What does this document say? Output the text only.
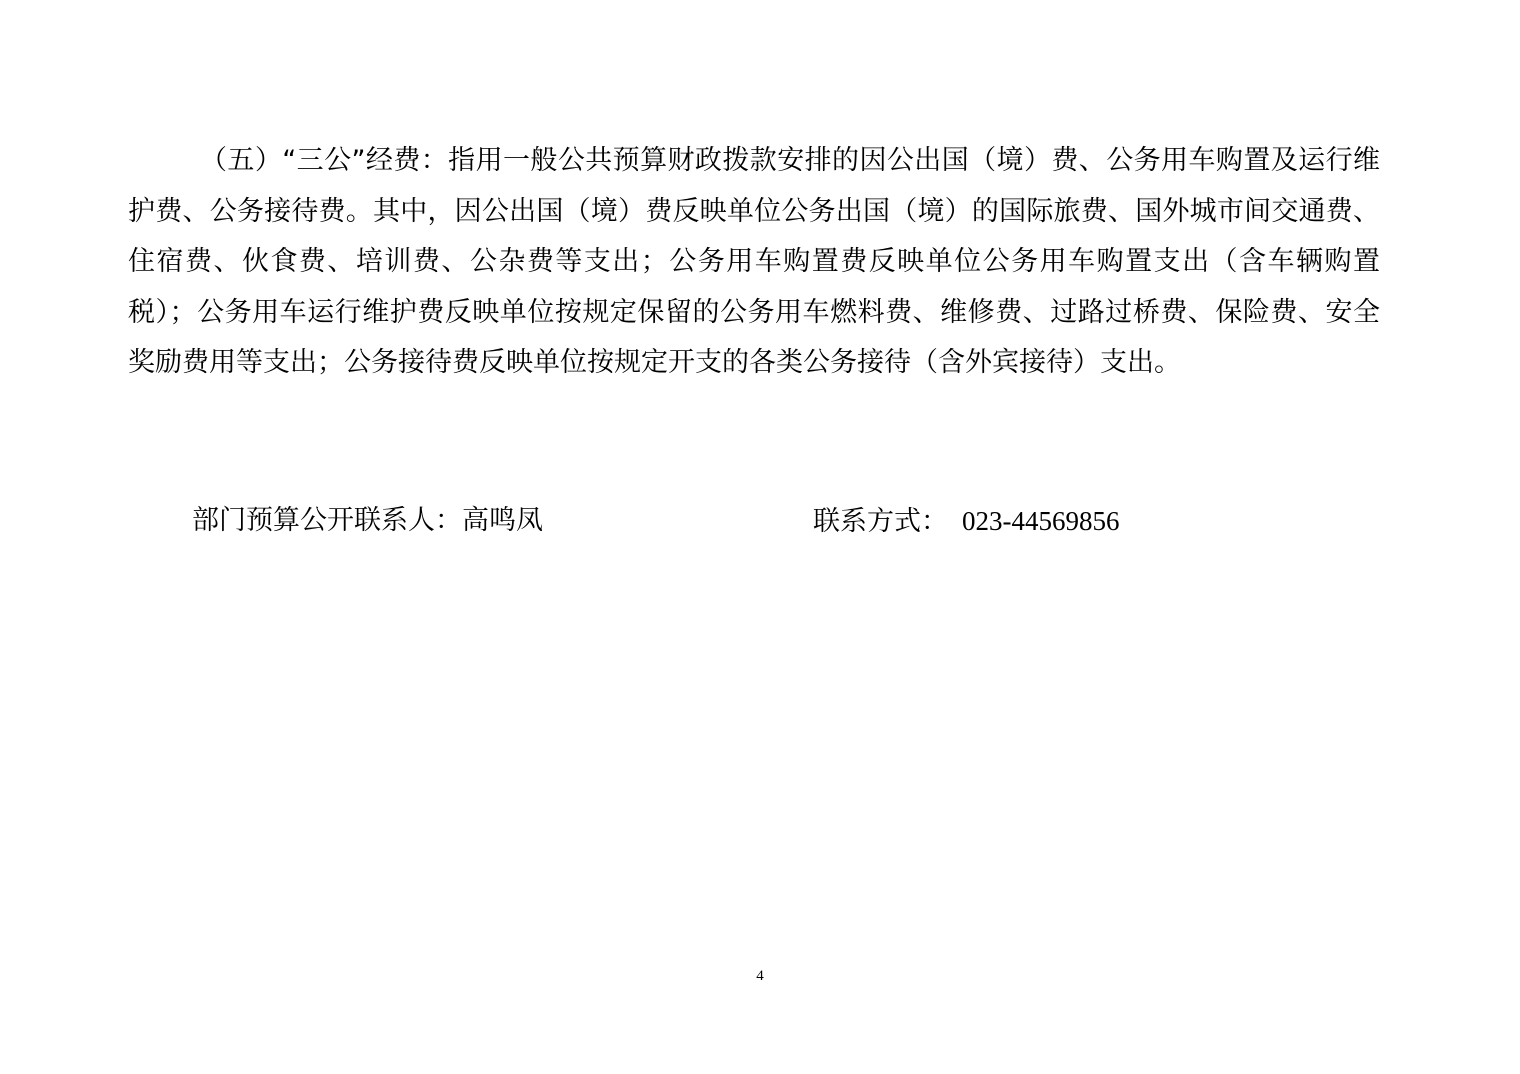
（五）“三公”经费：指用一般公共预算财政拨款安排的因公出国（境）费、公务用车购置及运行维护费、公务接待费。其中，因公出国（境）费反映单位公务出国（境）的国际旅费、国外城市间交通费、住宿费、伙食费、培训费、公杂费等支出；公务用车购置费反映单位公务用车购置支出（含车辆购置税）；公务用车运行维护费反映单位按规定保留的公务用车燃料费、维修费、过路过桥费、保险费、安全奖励费用等支出；公务接待费反映单位按规定开支的各类公务接待（含外宾接待）支出。

部门预算公开联系人：高鸣凤	联系方式： 023-44569856
4
